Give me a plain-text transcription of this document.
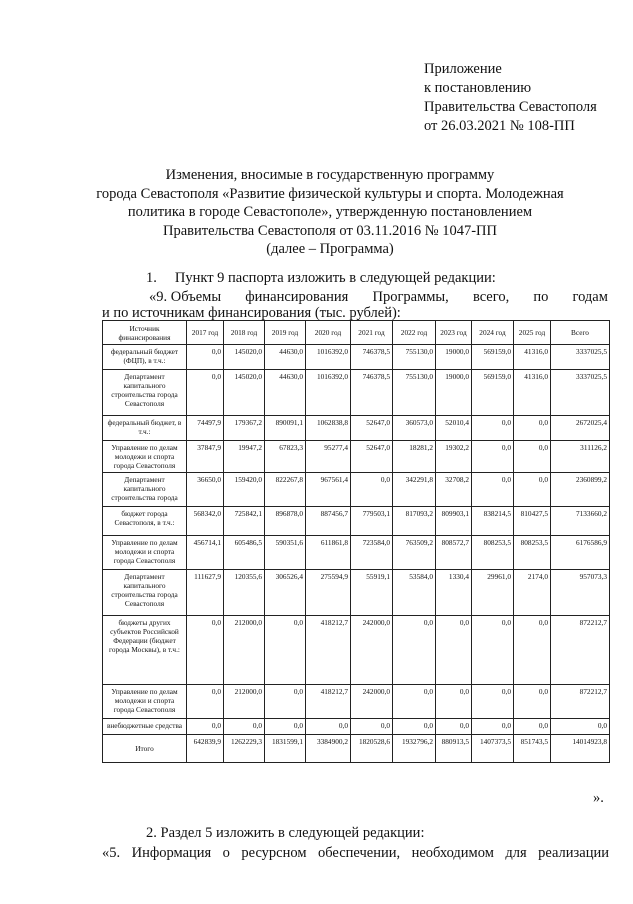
Приложение
к постановлению
Правительства Севастополя
от 26.03.2021 № 108-ПП
Изменения, вносимые в государственную программу
города Севастополя «Развитие физической культуры и спорта. Молодежная
политика в городе Севастополе», утвержденную постановлением
Правительства Севастополя от 03.11.2016 № 1047-ПП
(далее – Программа)
1. Пункт 9 паспорта изложить в следующей редакции:
«9. Объемы финансирования Программы, всего, по годам
и по источникам финансирования (тыс. рублей):
Источник финансирования	2017 год	2018 год	2019 год	2020 год	2021 год	2022 год	2023 год	2024 год	2025 год	Всего
федеральный бюджет (ФЦП), в т.ч.:	0,0	145020,0	44630,0	1016392,0	746378,5	755130,0	19000,0	569159,0	41316,0	3337025,5
Департамент капитального строительства города Севастополя	0,0	145020,0	44630,0	1016392,0	746378,5	755130,0	19000,0	569159,0	41316,0	3337025,5
федеральный бюджет, в т.ч.:	74497,9	179367,2	890091,1	1062838,8	52647,0	360573,0	52010,4	0,0	0,0	2672025,4
Управление по делам молодежи и спорта города Севастополя	37847,9	19947,2	67823,3	95277,4	52647,0	18281,2	19302,2	0,0	0,0	311126,2
Департамент капитального строительства города	36650,0	159420,0	822267,8	967561,4	0,0	342291,8	32708,2	0,0	0,0	2360899,2
бюджет города Севастополя, в т.ч.:	568342,0	725842,1	896878,0	887456,7	779503,1	817093,2	809903,1	838214,5	810427,5	7133660,2
Управление по делам молодежи и спорта города Севастополя	456714,1	605486,5	590351,6	611861,8	723584,0	763509,2	808572,7	808253,5	808253,5	6176586,9
Департамент капитального строительства города Севастополя	111627,9	120355,6	306526,4	275594,9	55919,1	53584,0	1330,4	29961,0	2174,0	957073,3
бюджеты других субъектов Российской Федерации (бюджет города Москвы), в т.ч.:	0,0	212000,0	0,0	418212,7	242000,0	0,0	0,0	0,0	0,0	872212,7
Управление по делам молодежи и спорта города Севастополя	0,0	212000,0	0,0	418212,7	242000,0	0,0	0,0	0,0	0,0	872212,7
внебюджетные средства	0,0	0,0	0,0	0,0	0,0	0,0	0,0	0,0	0,0	0,0
Итого	642839,9	1262229,3	1831599,1	3384900,2	1820528,6	1932796,2	880913,5	1407373,5	851743,5	14014923,8
».
2. Раздел 5 изложить в следующей редакции:
«5. Информация о ресурсном обеспечении, необходимом для реализации
